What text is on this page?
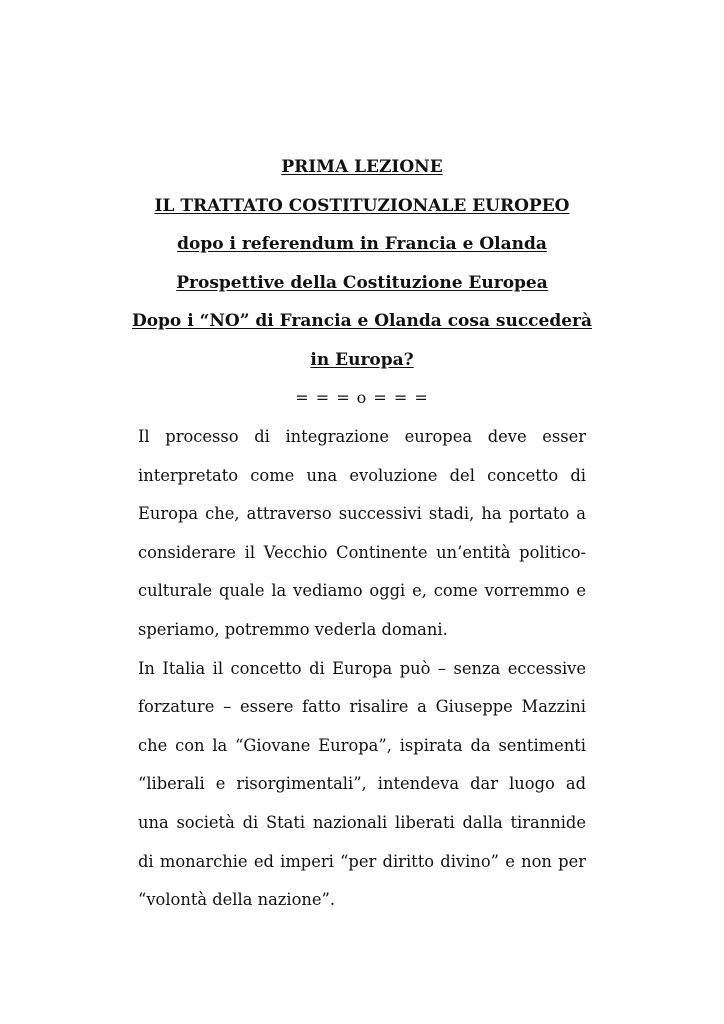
PRIMA LEZIONE

IL TRATTATO COSTITUZIONALE EUROPEO

dopo i referendum in Francia e Olanda

Prospettive della Costituzione Europea

Dopo i “NO” di Francia e Olanda cosa succederà in Europa?

= = = o = = =

Il processo di integrazione europea deve esser interpretato come una evoluzione del concetto di Europa che, attraverso successivi stadi, ha portato a considerare il Vecchio Continente un’entità politico-culturale quale la vediamo oggi e, come vorremmo e speriamo, potremmo vederla domani.

In Italia il concetto di Europa può – senza eccessive forzature – essere fatto risalire a Giuseppe Mazzini che con la “Giovane Europa”, ispirata da sentimenti “liberali e risorgimentali”, intendeva dar luogo ad una società di Stati nazionali liberati dalla tirannide di monarchie ed imperi “per diritto divino” e non per “volontà della nazione”.
